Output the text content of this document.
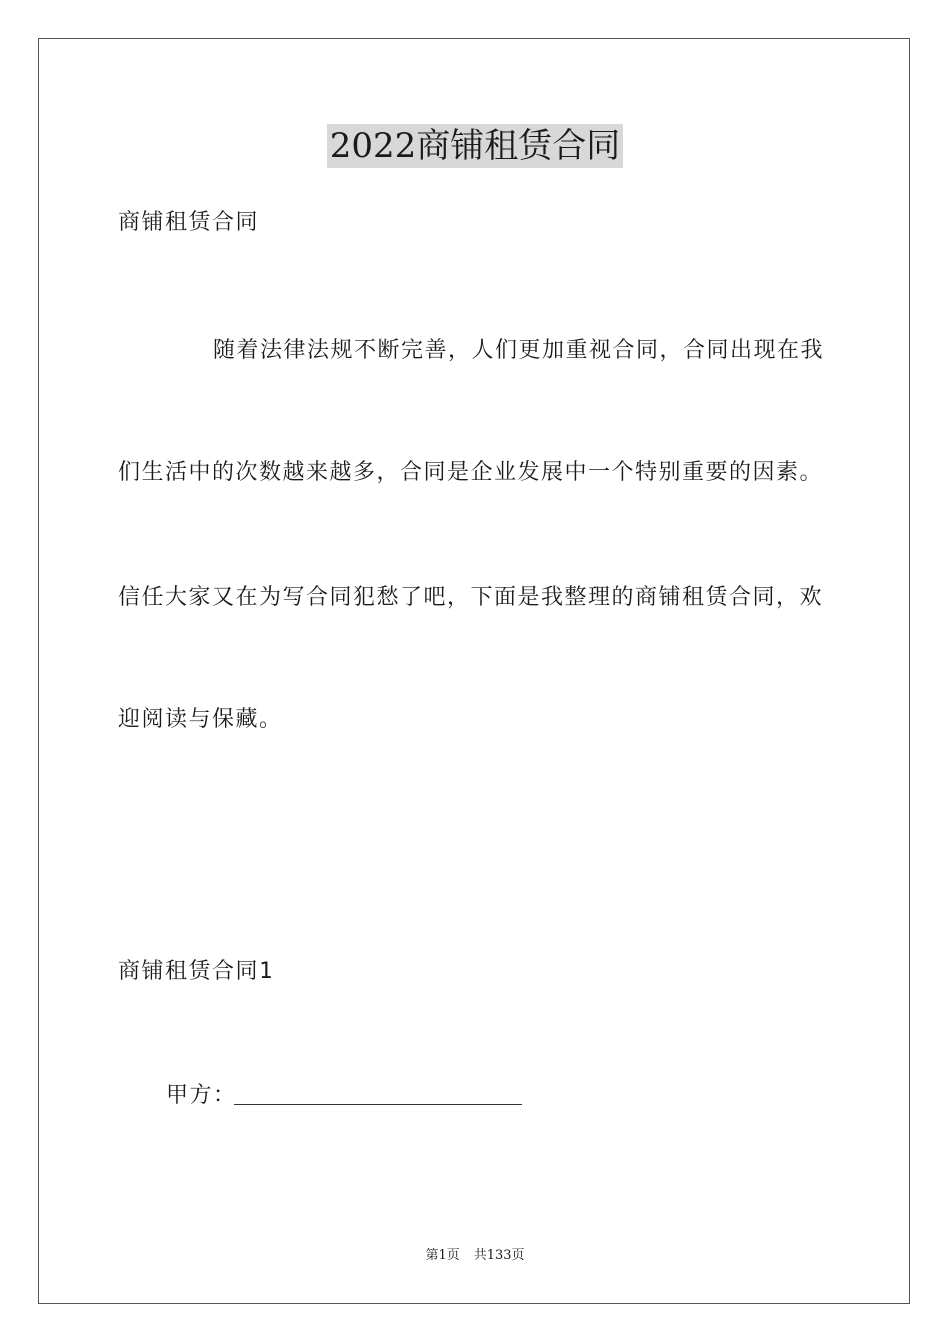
2022商铺租赁合同

商铺租赁合同

随着法律法规不断完善，人们更加重视合同，合同出现在我

们生活中的次数越来越多，合同是企业发展中一个特别重要的因素。

信任大家又在为写合同犯愁了吧，下面是我整理的商铺租赁合同，欢

迎阅读与保藏。

商铺租赁合同1

甲方：

第1页 共133页
